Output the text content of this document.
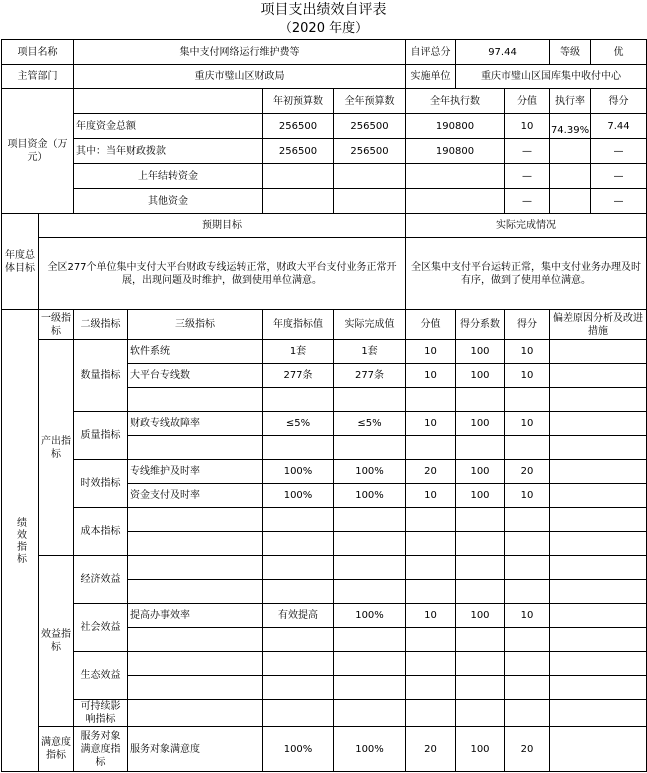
项目支出绩效自评表
（2020 年度）
项目名称		集中支付网络运行维护费等				自评总分	97.44		等级 优

主管部门		重庆市璧山区财政局				实施单位	重庆市璧山区国库集中收付中心		
项目资金（万元）				年初预算数	全年预算数	全年执行数		分值	执行率 得分

		年度资金总额		256500	256500	190800		10	74.39% 7.44

		其中：当年财政拨款		256500	256500	190800		—	—

		上年结转资金						—	—

		其他资金						—	—

年度总体目标	预期目标					实际完成情况			
	全区277个单位集中支付大平台财政专线运转正常，财政大平台支付业务正常开展，出现问题及时维护，做到使用单位满意。					全区集中支付平台运转正常，集中支付业务办理及时有序，做到了使用单位满意。			

绩效指标	一级指标	二级指标	三级指标	年度指标值	实际完成值	分值	得分系数	得分	偏差原因分析及改进措施
	产出指标	数量指标	软件系统	1套	1套	10	100	10	
			大平台专线数	277条	277条	10	100	10	

		质量指标	财政专线故障率	≤5%	≤5%	10	100	10	

		时效指标	专线维护及时率	100%	100%	20	100	20	
			资金支付及时率	100%	100%	10	100	10	
		成本指标							

	效益指标	经济效益							

		社会效益	提高办事效率	有效提高	100%	10	100	10	

		生态效益							

		可持续影响指标							
	满意度指标	服务对象满意度指标	服务对象满意度	100%	100%	20	100	20	
